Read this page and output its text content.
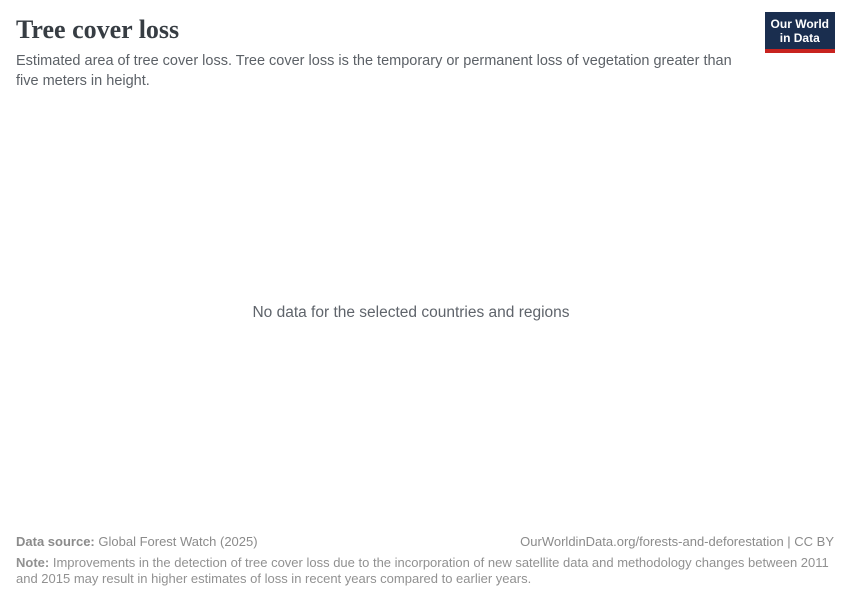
Tree cover loss
Estimated area of tree cover loss. Tree cover loss is the temporary or permanent loss of vegetation greater than five meters in height.
Our World
in Data
No data for the selected countries and regions
Data source: Global Forest Watch (2025)	OurWorldinData.org/forests-and-deforestation | CC BY
Note: Improvements in the detection of tree cover loss due to the incorporation of new satellite data and methodology changes between 2011 and 2015 may result in higher estimates of loss in recent years compared to earlier years.
